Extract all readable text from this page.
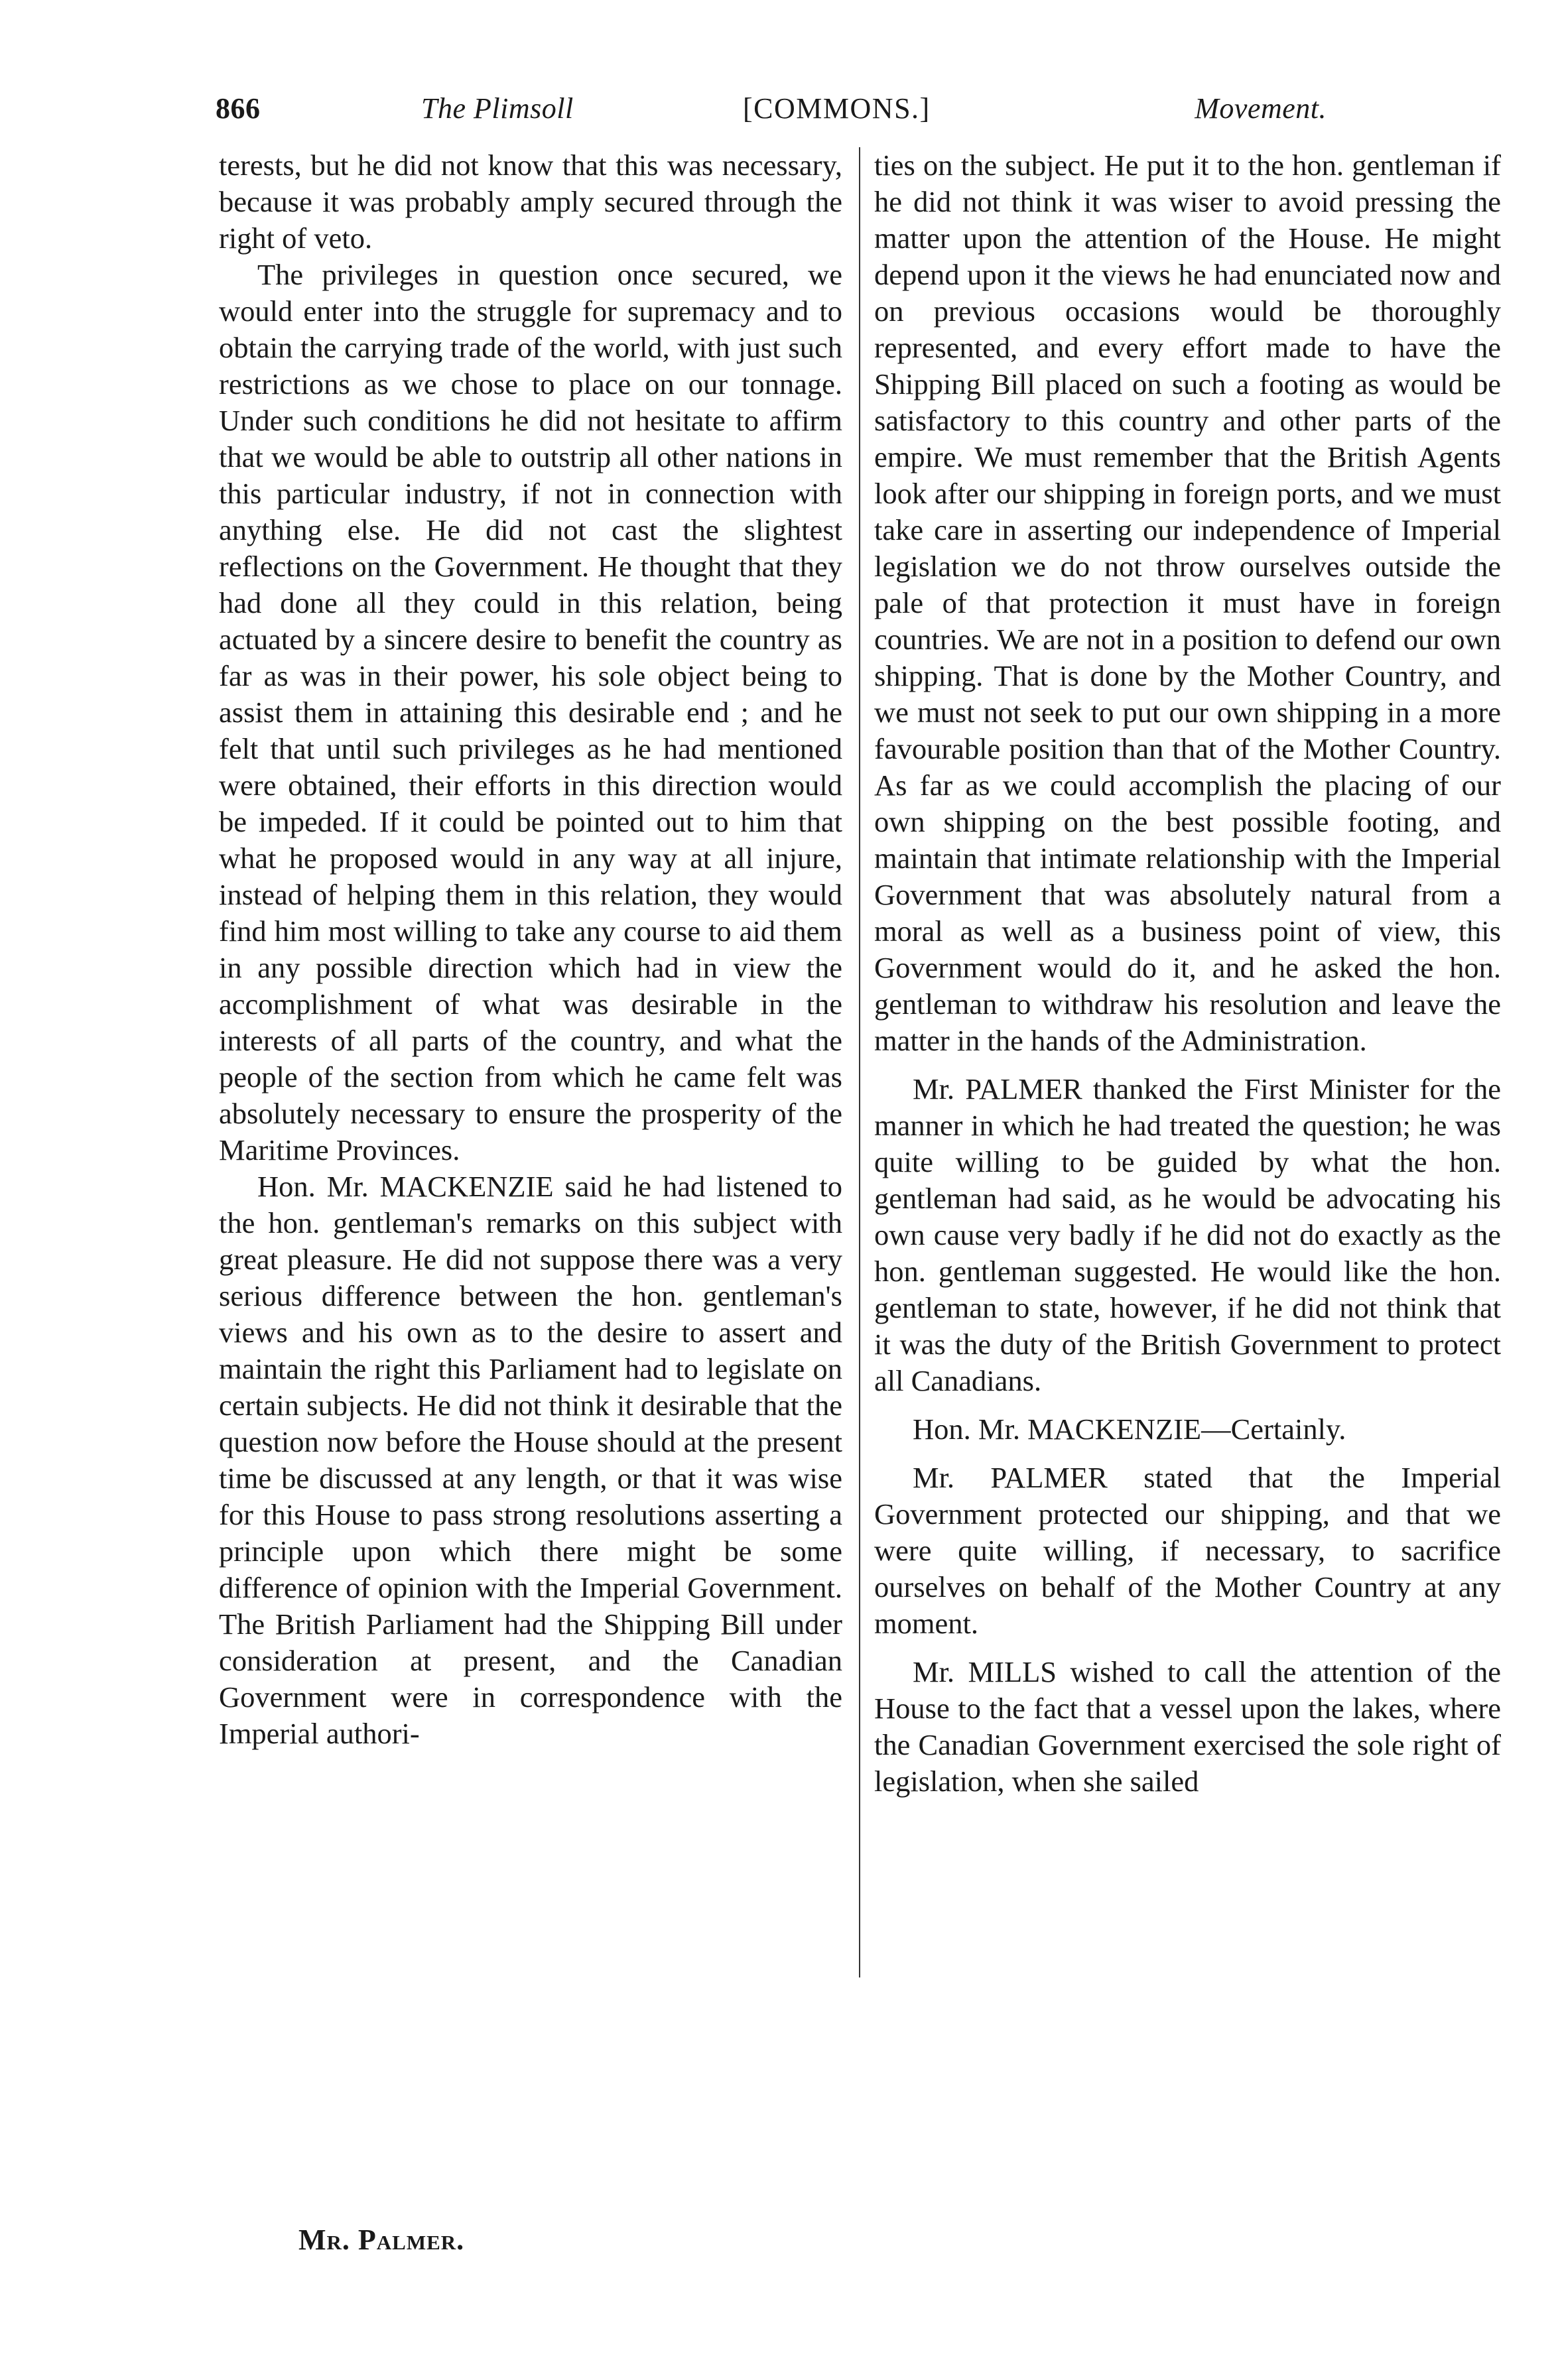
866	The Plimsoll	[COMMONS.]	Movement.

terests, but he did not know that this was necessary, because it was probably amply secured through the right of veto.

The privileges in question once secured, we would enter into the struggle for supremacy and to obtain the carrying trade of the world, with just such restrictions as we chose to place on our tonnage. Under such conditions he did not hesitate to affirm that we would be able to outstrip all other nations in this particular industry, if not in connection with anything else. He did not cast the slightest reflections on the Government. He thought that they had done all they could in this relation, being actuated by a sincere desire to benefit the country as far as was in their power, his sole object being to assist them in attaining this desirable end ; and he felt that until such privileges as he had mentioned were obtained, their efforts in this direction would be impeded. If it could be pointed out to him that what he proposed would in any way at all injure, instead of helping them in this relation, they would find him most willing to take any course to aid them in any possible direction which had in view the accomplishment of what was desirable in the interests of all parts of the country, and what the people of the section from which he came felt was absolutely necessary to ensure the prosperity of the Maritime Provinces.

Hon. Mr. MACKENZIE said he had listened to the hon. gentleman's remarks on this subject with great pleasure. He did not suppose there was a very serious difference between the hon. gentleman's views and his own as to the desire to assert and maintain the right this Parliament had to legislate on certain subjects. He did not think it desirable that the question now before the House should at the present time be discussed at any length, or that it was wise for this House to pass strong resolutions asserting a principle upon which there might be some difference of opinion with the Imperial Government. The British Parliament had the Shipping Bill under consideration at present, and the Canadian Government were in correspondence with the Imperial authori-

ties on the subject. He put it to the hon. gentleman if he did not think it was wiser to avoid pressing the matter upon the attention of the House. He might depend upon it the views he had enunciated now and on previous occasions would be thoroughly represented, and every effort made to have the Shipping Bill placed on such a footing as would be satisfactory to this country and other parts of the empire. We must remember that the British Agents look after our shipping in foreign ports, and we must take care in asserting our independence of Imperial legislation we do not throw ourselves outside the pale of that protection it must have in foreign countries. We are not in a position to defend our own shipping. That is done by the Mother Country, and we must not seek to put our own shipping in a more favourable position than that of the Mother Country. As far as we could accomplish the placing of our own shipping on the best possible footing, and maintain that intimate relationship with the Imperial Government that was absolutely natural from a moral as well as a business point of view, this Government would do it, and he asked the hon. gentleman to withdraw his resolution and leave the matter in the hands of the Administration.

Mr. PALMER thanked the First Minister for the manner in which he had treated the question; he was quite willing to be guided by what the hon. gentleman had said, as he would be advocating his own cause very badly if he did not do exactly as the hon. gentleman suggested. He would like the hon. gentleman to state, however, if he did not think that it was the duty of the British Government to protect all Canadians.

Hon. Mr. MACKENZIE—Certainly.

Mr. PALMER stated that the Imperial Government protected our shipping, and that we were quite willing, if necessary, to sacrifice ourselves on behalf of the Mother Country at any moment.

Mr. MILLS wished to call the attention of the House to the fact that a vessel upon the lakes, where the Canadian Government exercised the sole right of legislation, when she sailed

Mr. Palmer.
